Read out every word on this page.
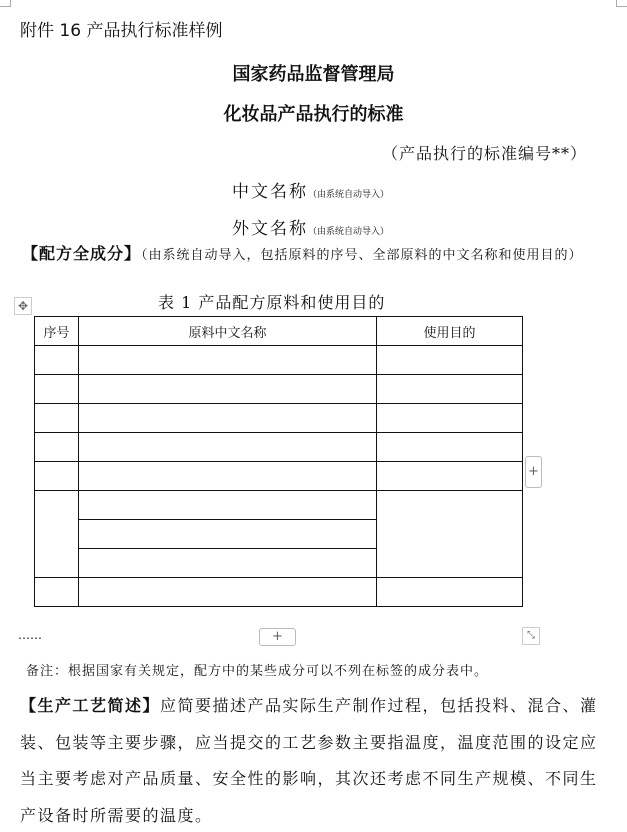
附件 16 产品执行标准样例
国家药品监督管理局
化妆品产品执行的标准
（产品执行的标准编号**）
中文名称（由系统自动导入）
外文名称（由系统自动导入）
【配方全成分】（由系统自动导入，包括原料的序号、全部原料的中文名称和使用目的）
✥	表 1 产品配方原料和使用目的
序号	原料中文名称	使用目的

+
……	+	⤡
备注：根据国家有关规定，配方中的某些成分可以不列在标签的成分表中。
【生产工艺简述】应简要描述产品实际生产制作过程，包括投料、混合、灌装、包装等主要步骤，应当提交的工艺参数主要指温度，温度范围的设定应当主要考虑对产品质量、安全性的影响，其次还考虑不同生产规模、不同生产设备时所需要的温度。
